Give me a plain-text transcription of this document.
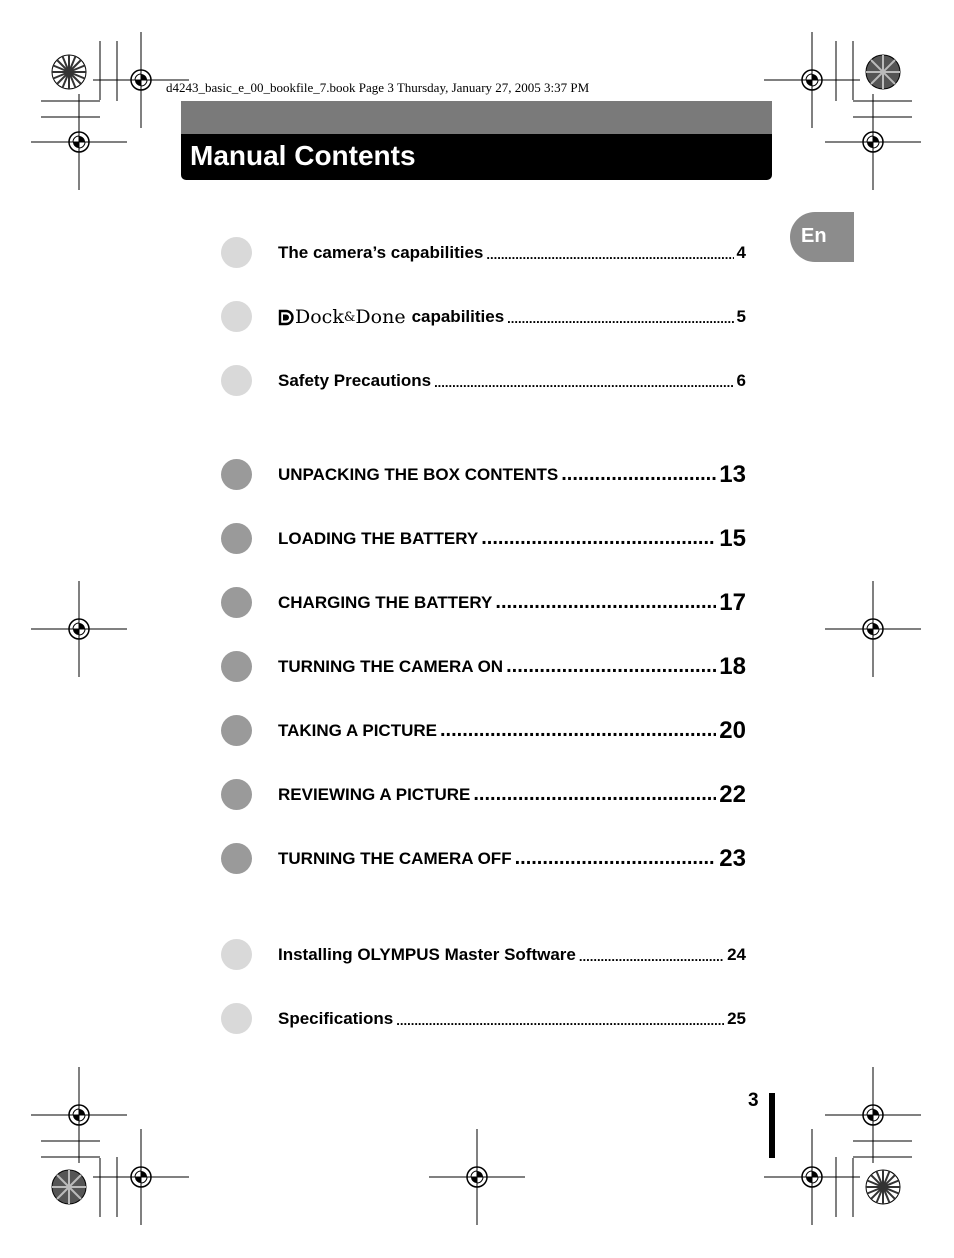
d4243_basic_e_00_bookfile_7.book Page 3 Thursday, January 27, 2005 3:37 PM
Manual Contents
En
The camera’s capabilities .....	4
Dock & Done capabilities .....	5
Safety Precautions .....	6
UNPACKING THE BOX CONTENTS .....	13
LOADING THE BATTERY .....	15
CHARGING THE BATTERY .....	17
TURNING THE CAMERA ON .....	18
TAKING A PICTURE .....	20
REVIEWING A PICTURE .....	22
TURNING THE CAMERA OFF .....	23
Installing OLYMPUS Master Software .....	24
Specifications .....	25
3
